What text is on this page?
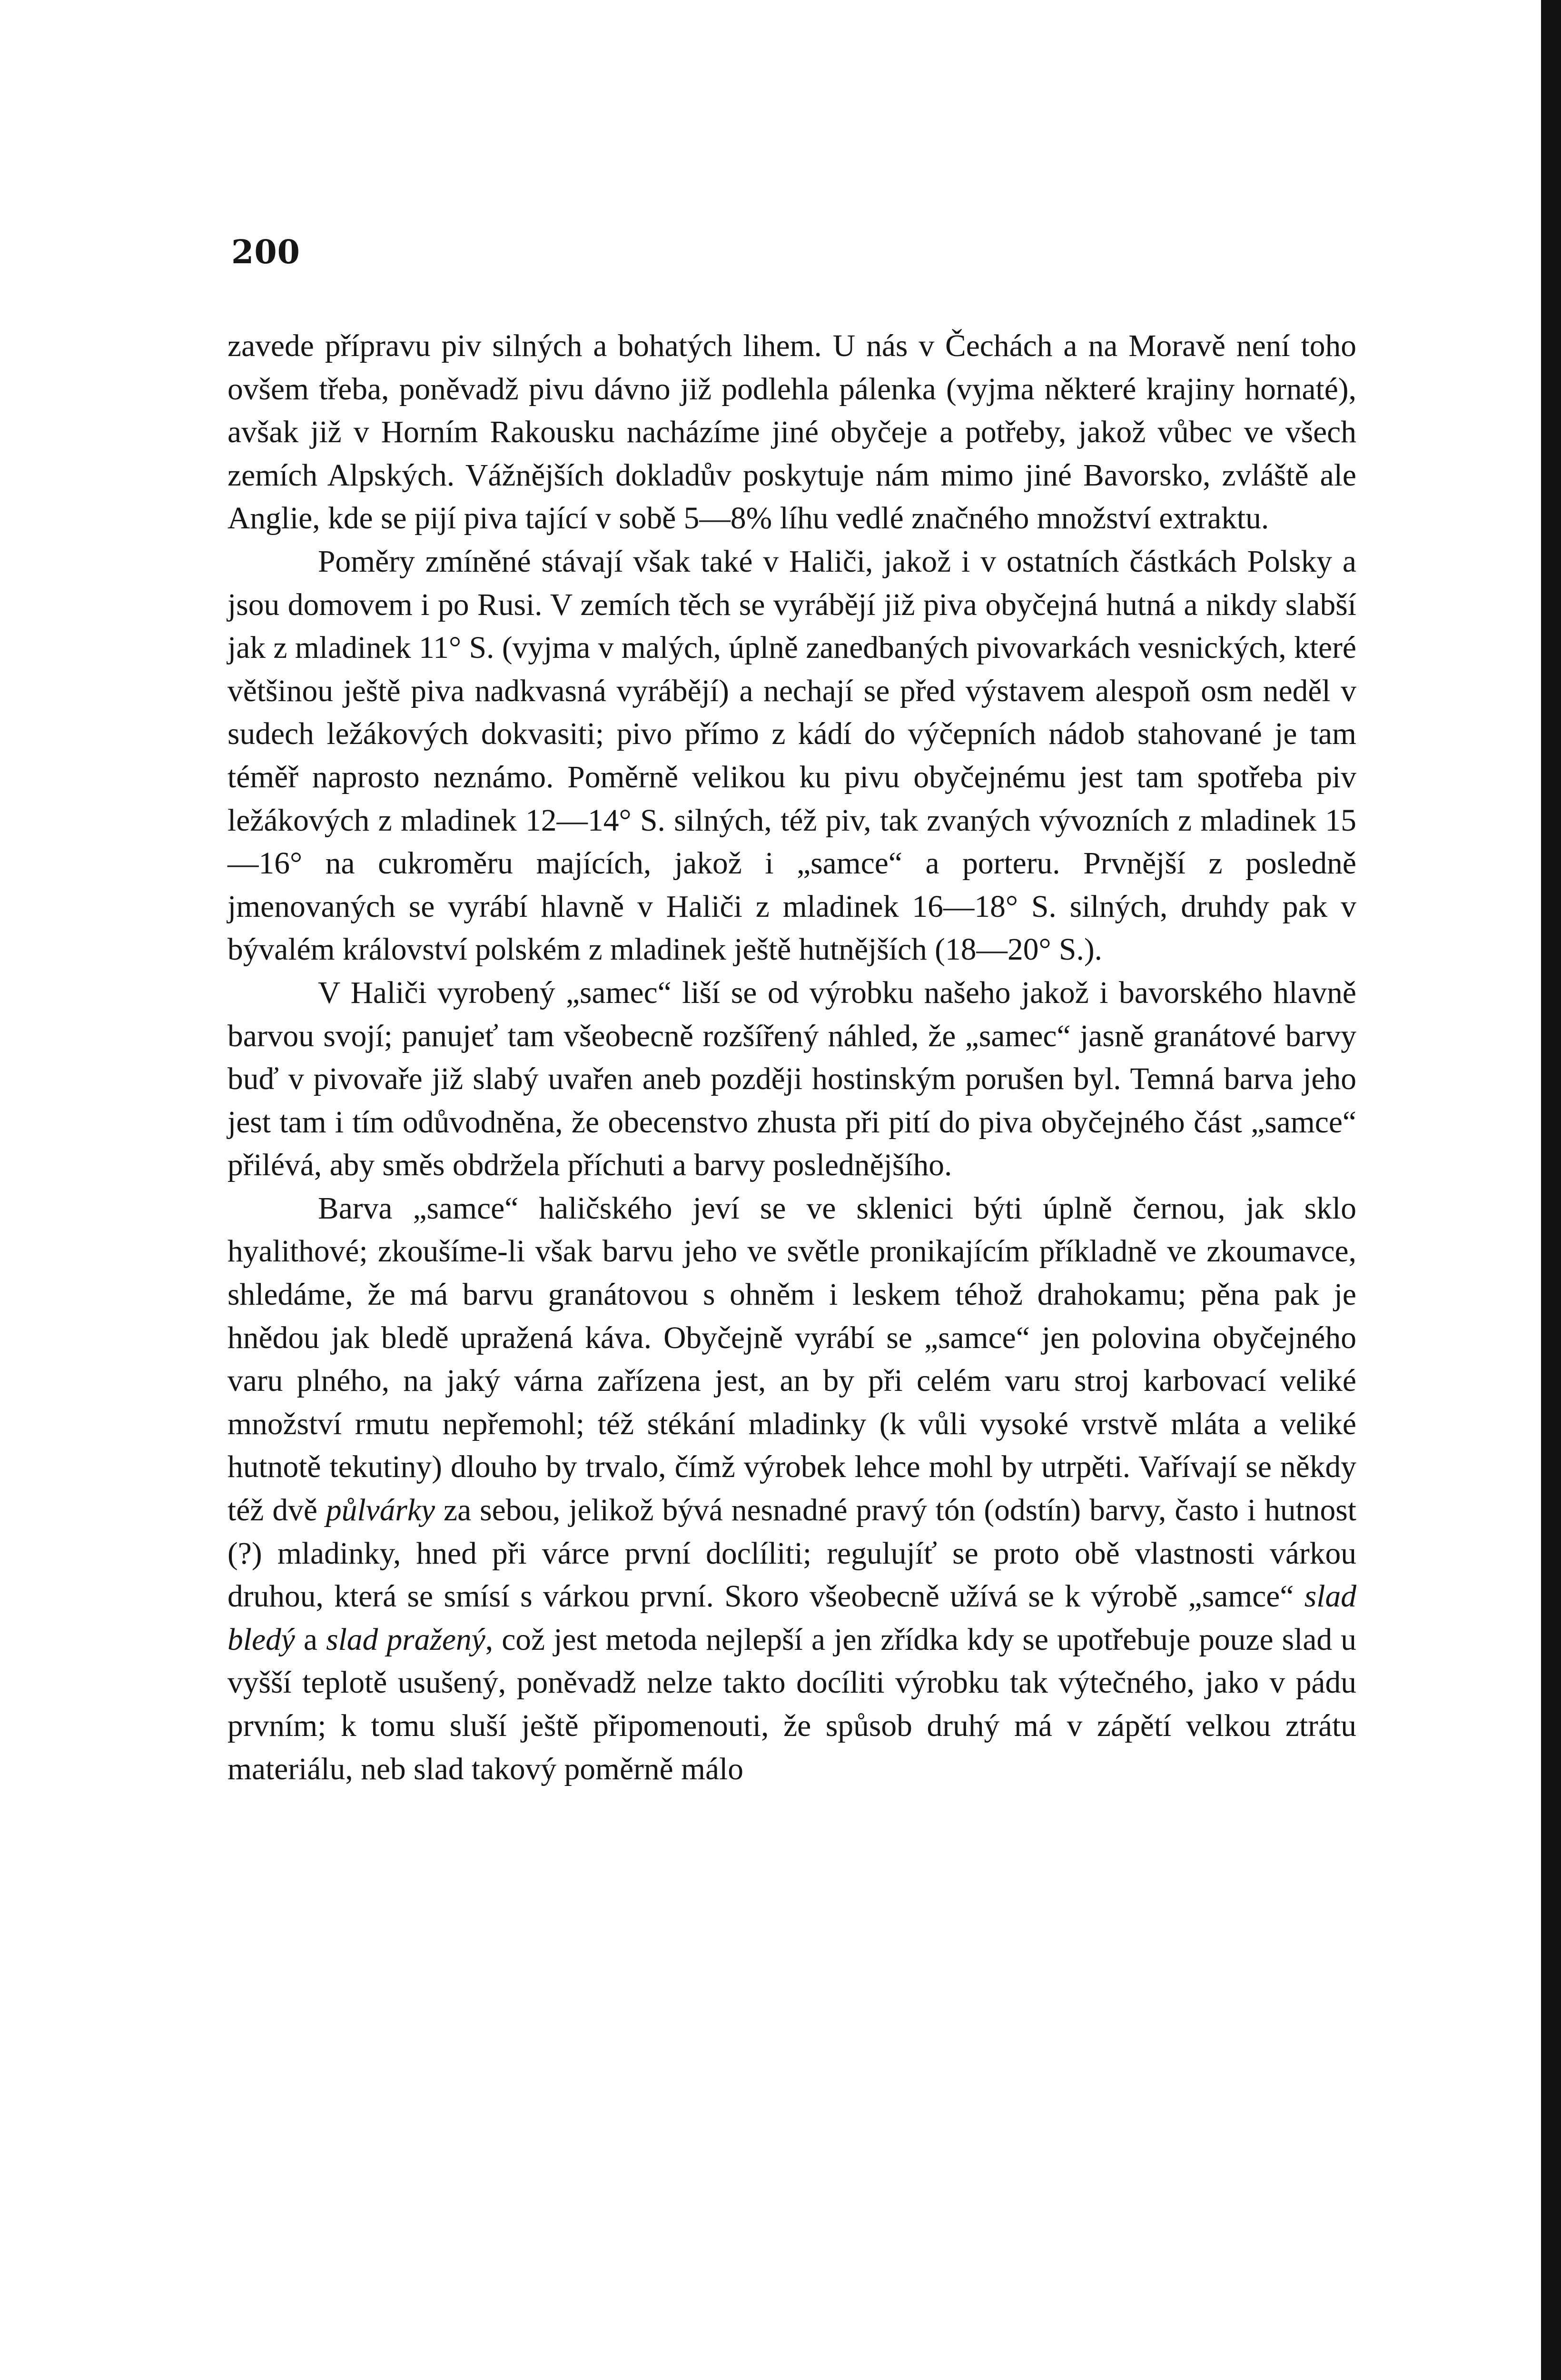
200

zavede přípravu piv silných a bohatých lihem. U nás v Čechách a na Moravě není toho ovšem třeba, poněvadž pivu dávno již podlehla pálenka (vyjma některé krajiny hornaté), avšak již v Horním Rakousku nacházíme jiné obyčeje a potřeby, jakož vůbec ve všech zemích Alpských. Vážnějších dokladův poskytuje nám mimo jiné Bavorsko, zvláště ale Anglie, kde se pijí piva tající v sobě 5—8% líhu vedlé značného množství extraktu.

Poměry zmíněné stávají však také v Haliči, jakož i v ostatních částkách Polsky a jsou domovem i po Rusi. V zemích těch se vyrábějí již piva obyčejná hutná a nikdy slabší jak z mladinek 11° S. (vyjma v malých, úplně zanedbaných pivovarkách vesnických, které většinou ještě piva nadkvasná vyrábějí) a nechají se před výstavem alespoň osm neděl v sudech ležákových dokvasiti; pivo přímo z kádí do výčepních nádob stahované je tam téměř naprosto neznámo. Poměrně velikou ku pivu obyčejnému jest tam spotřeba piv ležákových z mladinek 12—14° S. silných, též piv, tak zvaných vývozních z mladinek 15—16° na cukroměru majících, jakož i „samce“ a porteru. Prvnější z posledně jmenovaných se vyrábí hlavně v Haliči z mladinek 16—18° S. silných, druhdy pak v bývalém království polském z mladinek ještě hutnějších (18—20° S.).

V Haliči vyrobený „samec“ liší se od výrobku našeho jakož i bavorského hlavně barvou svojí; panujeť tam všeobecně rozšířený náhled, že „samec“ jasně granátové barvy buď v pivovaře již slabý uvařen aneb později hostinským porušen byl. Temná barva jeho jest tam i tím odůvodněna, že obecenstvo zhusta při pití do piva obyčejného část „samce“ přilévá, aby směs obdržela příchuti a barvy poslednějšího.

Barva „samce“ haličského jeví se ve sklenici býti úplně černou, jak sklo hyalithové; zkoušíme-li však barvu jeho ve světle pronikajícím příkladně ve zkoumavce, shledáme, že má barvu granátovou s ohněm i leskem téhož drahokamu; pěna pak je hnědou jak bledě upražená káva. Obyčejně vyrábí se „samce“ jen polovina obyčejného varu plného, na jaký várna zařízena jest, an by při celém varu stroj karbovací veliké množství rmutu nepřemohl; též stékání mladinky (k vůli vysoké vrstvě mláta a veliké hutnotě tekutiny) dlouho by trvalo, čímž výrobek lehce mohl by utrpěti. Vařívají se někdy též dvě půlvárky za sebou, jelikož bývá nesnadné pravý tón (odstín) barvy, často i hutnost (?) mladinky, hned při várce první doclíliti; regulujíť se proto obě vlastnosti várkou druhou, která se smísí s várkou první. Skoro všeobecně užívá se k výrobě „samce“ slad bledý a slad pražený, což jest metoda nejlepší a jen zřídka kdy se upotřebuje pouze slad u vyšší teplotě usušený, poněvadž nelze takto docíliti výrobku tak výtečného, jako v pádu prvním; k tomu sluší ještě připomenouti, že spůsob druhý má v zápětí velkou ztrátu materiálu, neb slad takový poměrně málo
